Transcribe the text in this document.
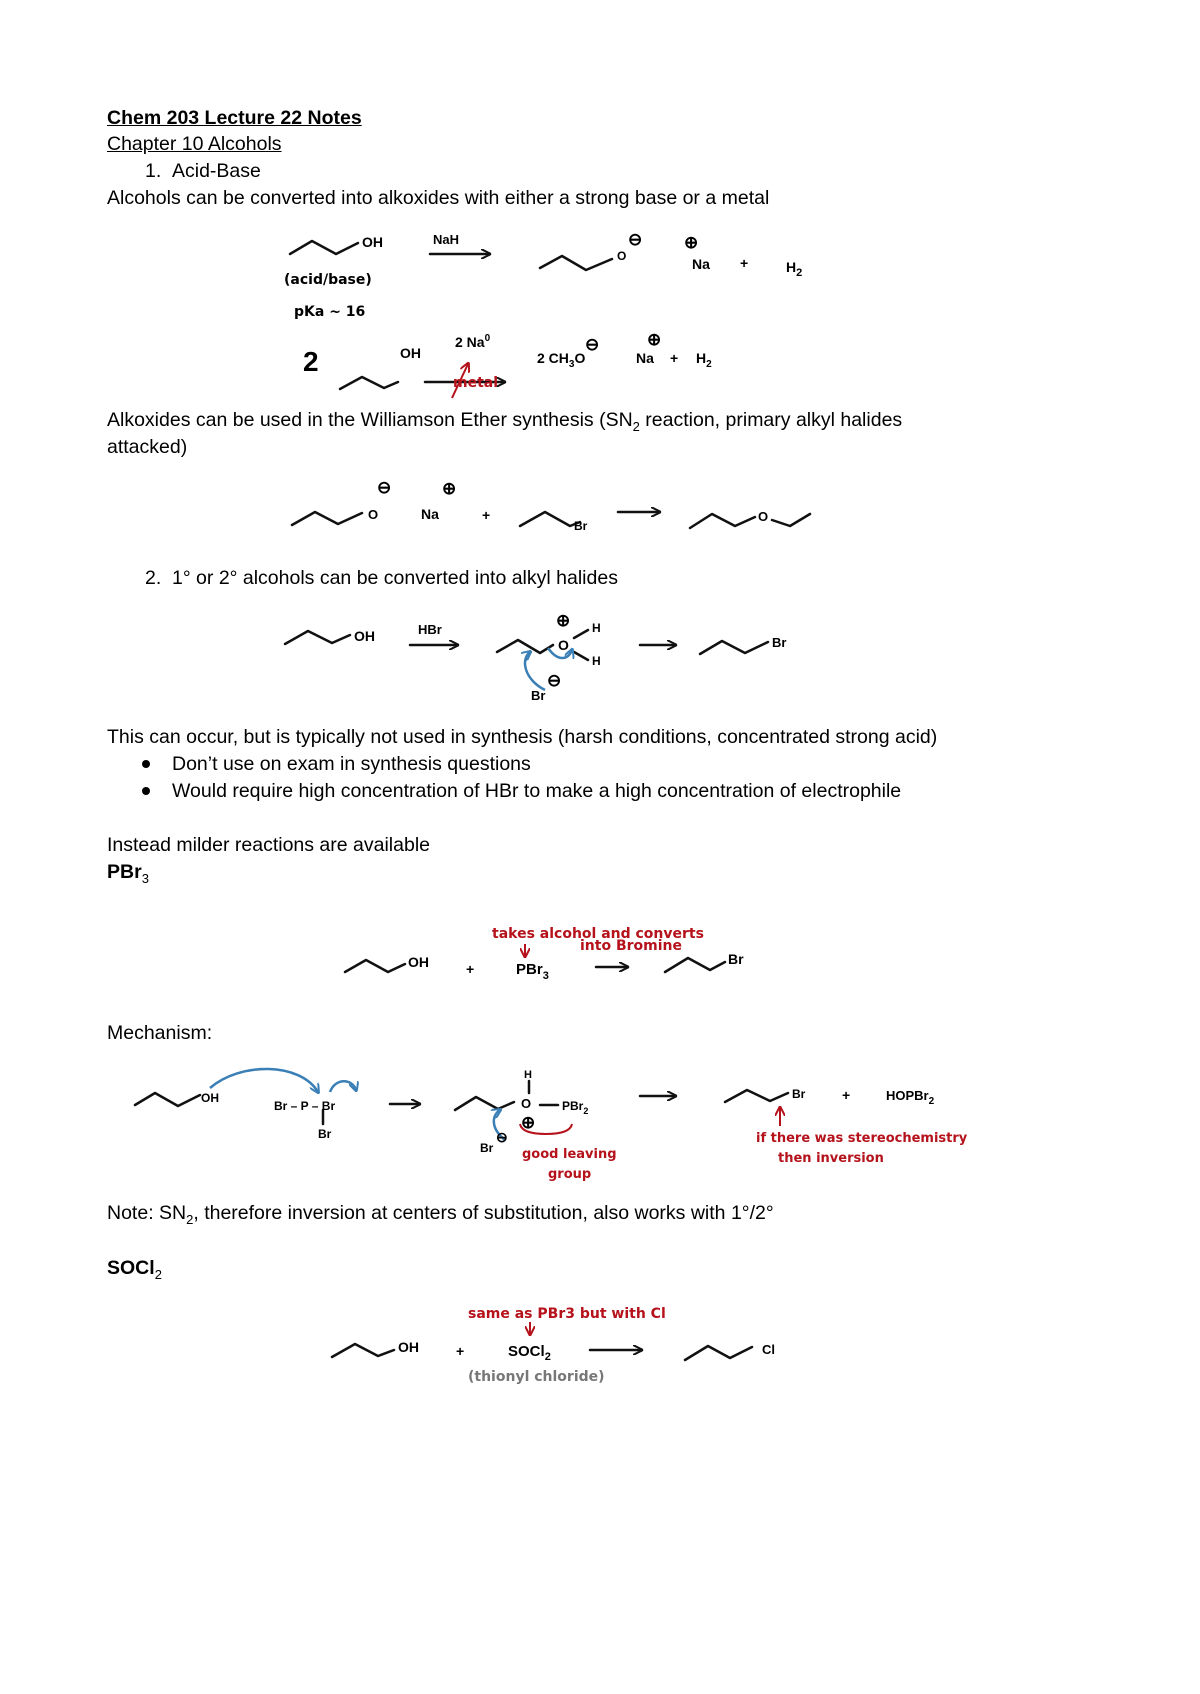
Chem 203 Lecture 22 Notes
Chapter 10 Alcohols
1. Acid-Base
Alcohols can be converted into alkoxides with either a strong base or a metal
Alkoxides can be used in the Williamson Ether synthesis ($SN_2$ reaction, primary alkyl halides
attacked)
2. 1° or 2° alcohols can be converted into alkyl halides
This can occur, but is typically not used in synthesis (harsh conditions, concentrated strong acid)
Don’t use on exam in synthesis questions
Would require high concentration of HBr to make a high concentration of electrophile
Instead milder reactions are available
PBr$_3$
Mechanism:
Note: $SN_2$, therefore inversion at centers of substitution, also works with 1°/2°
SOCl$_2$
OH	NaH
(acid/base)
pKa ~ 16
O
⊖ ⊕
Na +	$H_2$
2	OH
2 Na$^0$
metal
2 $CH_3O$
⊖	⊕
$Na + H_2$
O
⊖
Na
⊕
+
Br
O
OH	HBr	⊕
O
H
H
Br
⊖
Br
takes alcohol and converts
into Bromine
OH	+	PBr$_3$
Br
OH
Br – P – Br
Br
H
O
⊕
PBr$_2$
Br
⊖
good leaving
group
Br	+	HOPBr$_2$
if there was stereochemistry
then inversion
same as PBr3 but with Cl
OH	+	SOCl$_2$
(thionyl chloride)
Cl
